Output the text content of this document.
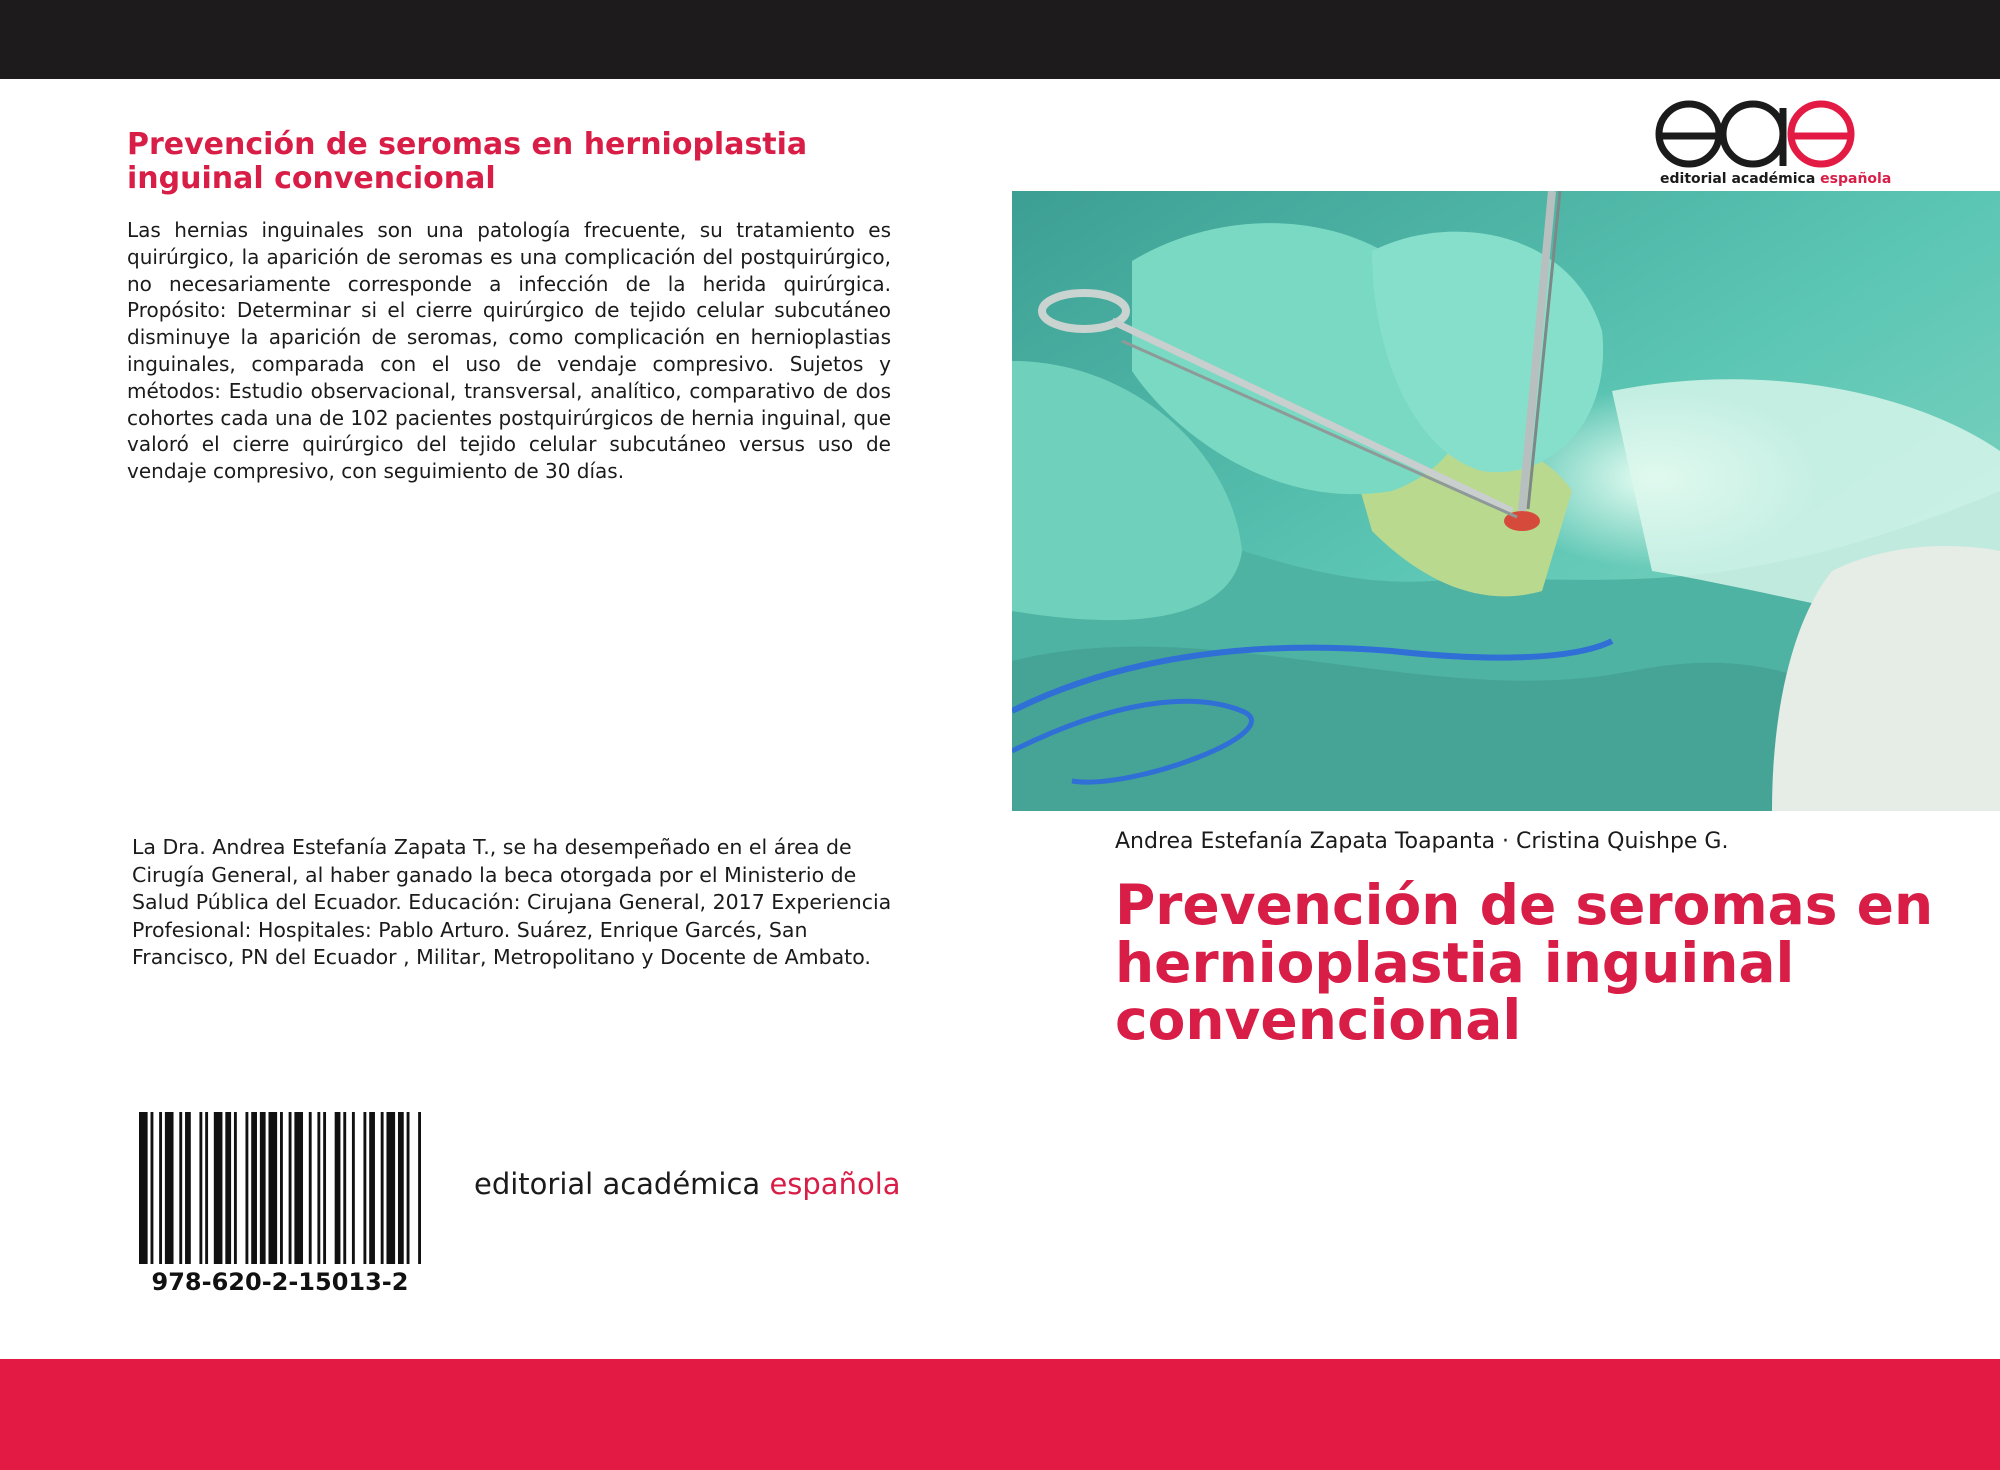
Prevención de seromas en hernioplastia inguinal convencional

Las hernias inguinales son una patología frecuente, su tratamiento es quirúrgico, la aparición de seromas es una complicación del postquirúrgico, no necesariamente corresponde a infección de la herida quirúrgica. Propósito: Determinar si el cierre quirúrgico de tejido celular subcutáneo disminuye la aparición de seromas, como complicación en hernioplastias inguinales, comparada con el uso de vendaje compresivo. Sujetos y métodos: Estudio observacional, transversal, analítico, comparativo de dos cohortes cada una de 102 pacientes postquirúrgicos de hernia inguinal, que valoró el cierre quirúrgico del tejido celular subcutáneo versus uso de vendaje compresivo, con seguimiento de 30 días.

La Dra. Andrea Estefanía Zapata T., se ha desempeñado en el área de Cirugía General, al haber ganado la beca otorgada por el Ministerio de Salud Pública del Ecuador. Educación: Cirujana General, 2017 Experiencia Profesional: Hospitales: Pablo Arturo. Suárez, Enrique Garcés, San Francisco, PN del Ecuador , Militar, Metropolitano y Docente de Ambato.

978-620-2-15013-2
editorial académica española
editorial académica española
Andrea Estefanía Zapata Toapanta · Cristina Quishpe G.
Prevención de seromas en hernioplastia inguinal convencional
